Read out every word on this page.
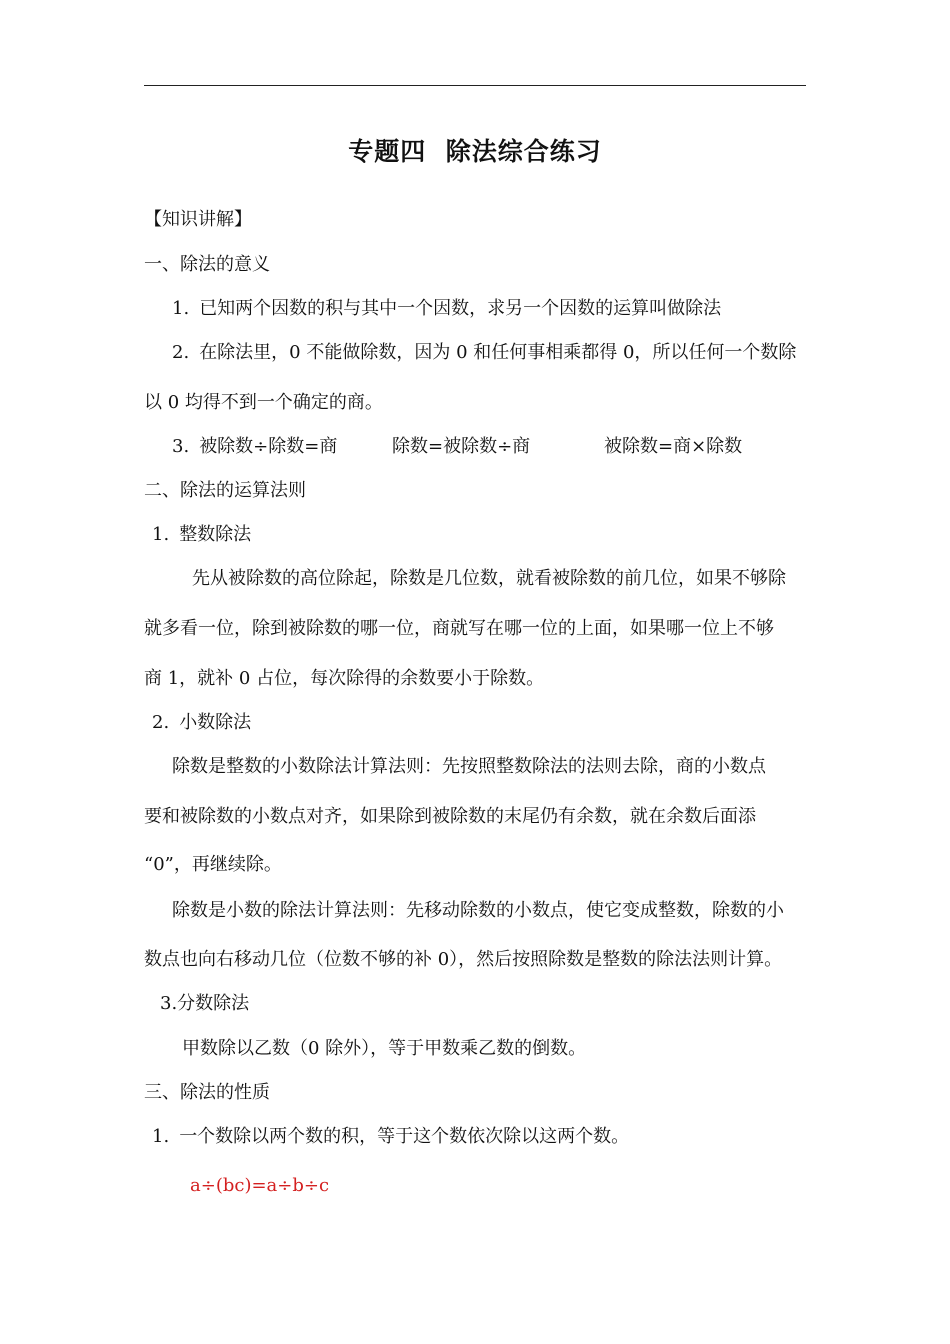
专题四  除法综合练习
【知识讲解】
一、除法的意义
1. 已知两个因数的积与其中一个因数，求另一个因数的运算叫做除法
2. 在除法里，0 不能做除数，因为 0 和任何事相乘都得 0，所以任何一个数除
以 0 均得不到一个确定的商。
3. 被除数÷除数=商	除数=被除数÷商	被除数=商×除数
二、除法的运算法则
1. 整数除法
先从被除数的高位除起，除数是几位数，就看被除数的前几位，如果不够除
就多看一位，除到被除数的哪一位，商就写在哪一位的上面，如果哪一位上不够
商 1，就补 0 占位，每次除得的余数要小于除数。
2. 小数除法
除数是整数的小数除法计算法则：先按照整数除法的法则去除，商的小数点
要和被除数的小数点对齐，如果除到被除数的末尾仍有余数，就在余数后面添
“0”，再继续除。
除数是小数的除法计算法则：先移动除数的小数点，使它变成整数，除数的小
数点也向右移动几位（位数不够的补 0），然后按照除数是整数的除法法则计算。
3.分数除法
甲数除以乙数（0 除外），等于甲数乘乙数的倒数。
三、除法的性质
1. 一个数除以两个数的积，等于这个数依次除以这两个数。
a÷(bc)=a÷b÷c
